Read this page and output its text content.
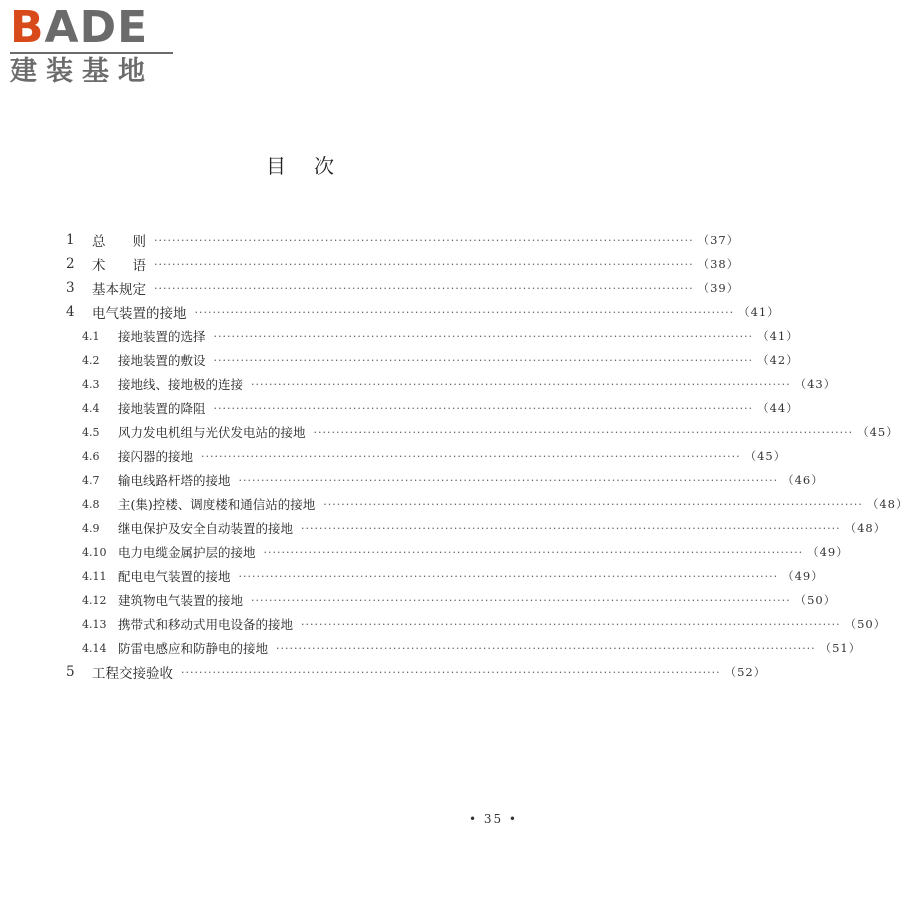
BADE
建装基地
目次
1	总　　则 ························································································································ （37）
2	术　　语 ························································································································ （38）
3	基本规定 ························································································································ （39）
4	电气装置的接地 ························································································································ （41）
4.1	接地装置的选择 ························································································································ （41）
4.2	接地装置的敷设 ························································································································ （42）
4.3	接地线、接地极的连接 ························································································································ （43）
4.4	接地装置的降阻 ························································································································ （44）
4.5	风力发电机组与光伏发电站的接地 ························································································································ （45）
4.6	接闪器的接地 ························································································································ （45）
4.7	输电线路杆塔的接地 ························································································································ （46）
4.8	主(集)控楼、调度楼和通信站的接地 ························································································································ （48）
4.9	继电保护及安全自动装置的接地 ························································································································ （48）
4.10 电力电缆金属护层的接地 ························································································································ （49）
4.11 配电电气装置的接地 ························································································································ （49）
4.12 建筑物电气装置的接地 ························································································································ （50）
4.13 携带式和移动式用电设备的接地 ························································································································ （50）
4.14 防雷电感应和防静电的接地 ························································································································ （51）
5	工程交接验收 ························································································································ （52）
• 35 •
